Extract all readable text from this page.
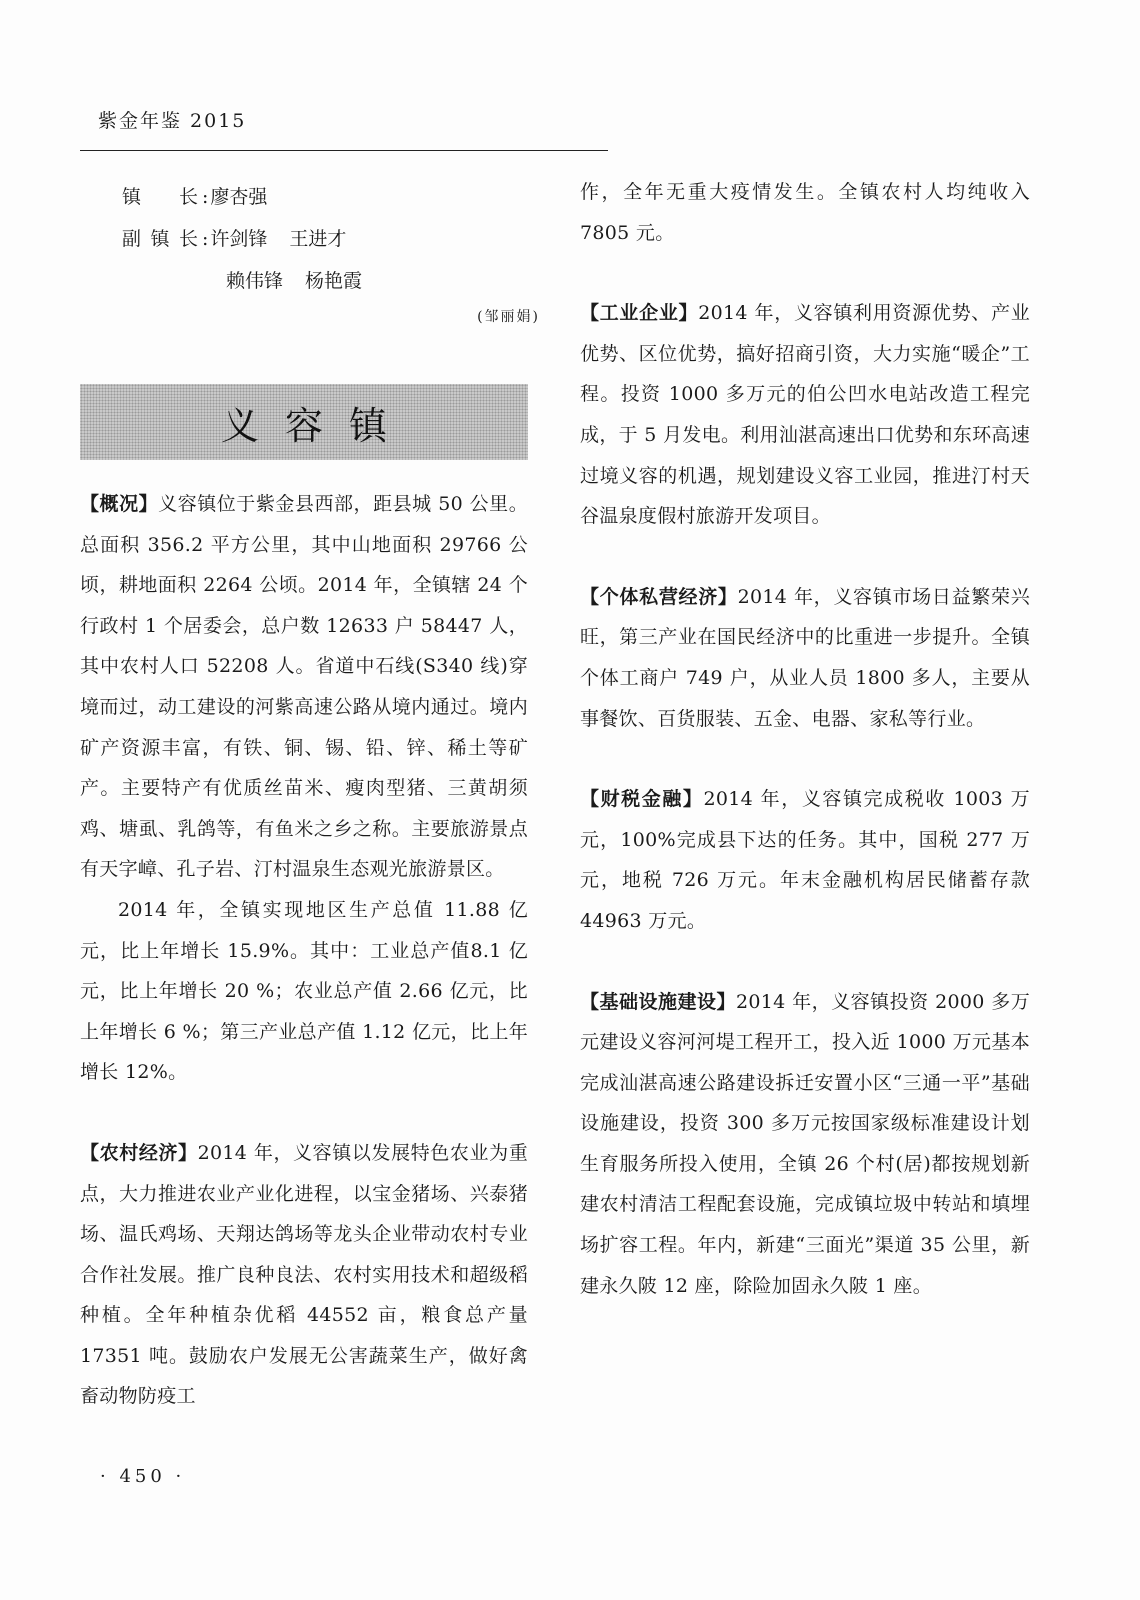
紫金年鉴 2015
镇 长 : 廖杏强
副镇长 : 许剑锋 王进才
赖伟锋 杨艳霞
(邹丽娟)
义容镇

【概况】义容镇位于紫金县西部，距县城 50 公里。总面积 356.2 平方公里，其中山地面积 29766 公顷，耕地面积 2264 公顷。2014 年，全镇辖 24 个行政村 1 个居委会，总户数 12633 户 58447 人，其中农村人口 52208 人。省道中石线(S340 线)穿境而过，动工建设的河紫高速公路从境内通过。境内矿产资源丰富，有铁、铜、锡、铅、锌、稀土等矿产。主要特产有优质丝苗米、瘦肉型猪、三黄胡须鸡、塘虱、乳鸽等，有鱼米之乡之称。主要旅游景点有天字嶂、孔子岩、汀村温泉生态观光旅游景区。

2014 年，全镇实现地区生产总值 11.88 亿元，比上年增长 15.9%。其中：工业总产值8.1 亿元，比上年增长 20 %；农业总产值 2.66 亿元，比上年增长 6 %；第三产业总产值 1.12 亿元，比上年增长 12%。

【农村经济】2014 年，义容镇以发展特色农业为重点，大力推进农业产业化进程，以宝金猪场、兴泰猪场、温氏鸡场、天翔达鸽场等龙头企业带动农村专业合作社发展。推广良种良法、农村实用技术和超级稻种植。全年种植杂优稻 44552 亩，粮食总产量 17351 吨。鼓励农户发展无公害蔬菜生产，做好禽畜动物防疫工

作，全年无重大疫情发生。全镇农村人均纯收入 7805 元。

【工业企业】2014 年，义容镇利用资源优势、产业优势、区位优势，搞好招商引资，大力实施“暖企”工程。投资 1000 多万元的伯公凹水电站改造工程完成，于 5 月发电。利用汕湛高速出口优势和东环高速过境义容的机遇，规划建设义容工业园，推进汀村天谷温泉度假村旅游开发项目。

【个体私营经济】2014 年，义容镇市场日益繁荣兴旺，第三产业在国民经济中的比重进一步提升。全镇个体工商户 749 户，从业人员 1800 多人，主要从事餐饮、百货服装、五金、电器、家私等行业。

【财税金融】2014 年，义容镇完成税收 1003 万元，100%完成县下达的任务。其中，国税 277 万元，地税 726 万元。年末金融机构居民储蓄存款 44963 万元。

【基础设施建设】2014 年，义容镇投资 2000 多万元建设义容河河堤工程开工，投入近 1000 万元基本完成汕湛高速公路建设拆迁安置小区“三通一平”基础设施建设，投资 300 多万元按国家级标准建设计划生育服务所投入使用，全镇 26 个村(居)都按规划新建农村清洁工程配套设施，完成镇垃圾中转站和填埋场扩容工程。年内，新建“三面光”渠道 35 公里，新建永久陂 12 座，除险加固永久陂 1 座。

· 450 ·
